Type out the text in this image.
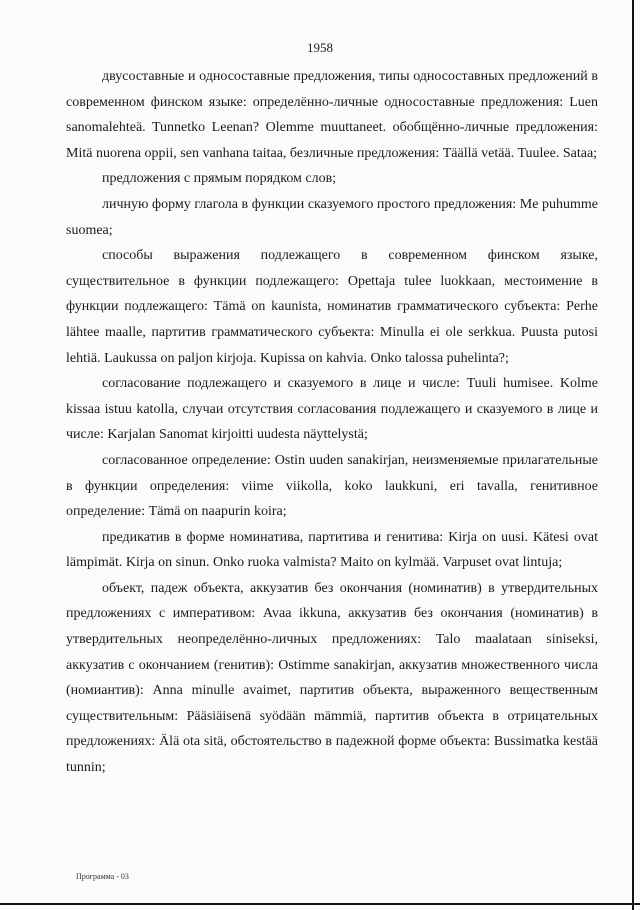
1958

двусоставные и односоставные предложения, типы односоставных предложений в современном финском языке: определённо-личные односоставные предложения: Luen sanomalehteä. Tunnetko Leenan? Olemme muuttaneet. обобщённо-личные предложения: Mitä nuorena oppii, sen vanhana taitaa, безличные предложения: Täällä vetää. Tuulee. Sataa;

предложения с прямым порядком слов;

личную форму глагола в функции сказуемого простого предложения: Me puhumme suomea;

способы выражения подлежащего в современном финском языке, существительное в функции подлежащего: Opettaja tulee luokkaan, местоимение в функции подлежащего: Tämä on kaunista, номинатив грамматического субъекта: Perhe lähtee maalle, партитив грамматического субъекта: Minulla ei ole serkkua. Puusta putosi lehtiä. Laukussa on paljon kirjoja. Kupissa on kahvia. Onko talossa puhelinta?;

согласование подлежащего и сказуемого в лице и числе: Tuuli humisee. Kolme kissaa istuu katolla, случаи отсутствия согласования подлежащего и сказуемого в лице и числе: Karjalan Sanomat kirjoitti uudesta näyttelystä;

согласованное определение: Ostin uuden sanakirjan, неизменяемые прилагательные в функции определения: viime viikolla, koko laukkuni, eri tavalla, генитивное определение: Tämä on naapurin koira;

предикатив в форме номинатива, партитива и генитива: Kirja on uusi. Kätesi ovat lämpimät. Kirja on sinun. Onko ruoka valmista? Maito on kylmää. Varpuset ovat lintuja;

объект, падеж объекта, аккузатив без окончания (номинатив) в утвердительных предложениях с императивом: Avaa ikkuna, аккузатив без окончания (номинатив) в утвердительных неопределённо-личных предложениях: Talo maalataan siniseksi, аккузатив с окончанием (генитив): Ostimme sanakirjan, аккузатив множественного числа (номиантив): Anna minulle avaimet, партитив объекта, выраженного вещественным существительным: Pääsiäisenä syödään mämmiä, партитив объекта в отрицательных предложениях: Älä ota sitä, обстоятельство в падежной форме объекта: Bussimatka kestää tunnin;

Программа - 03
